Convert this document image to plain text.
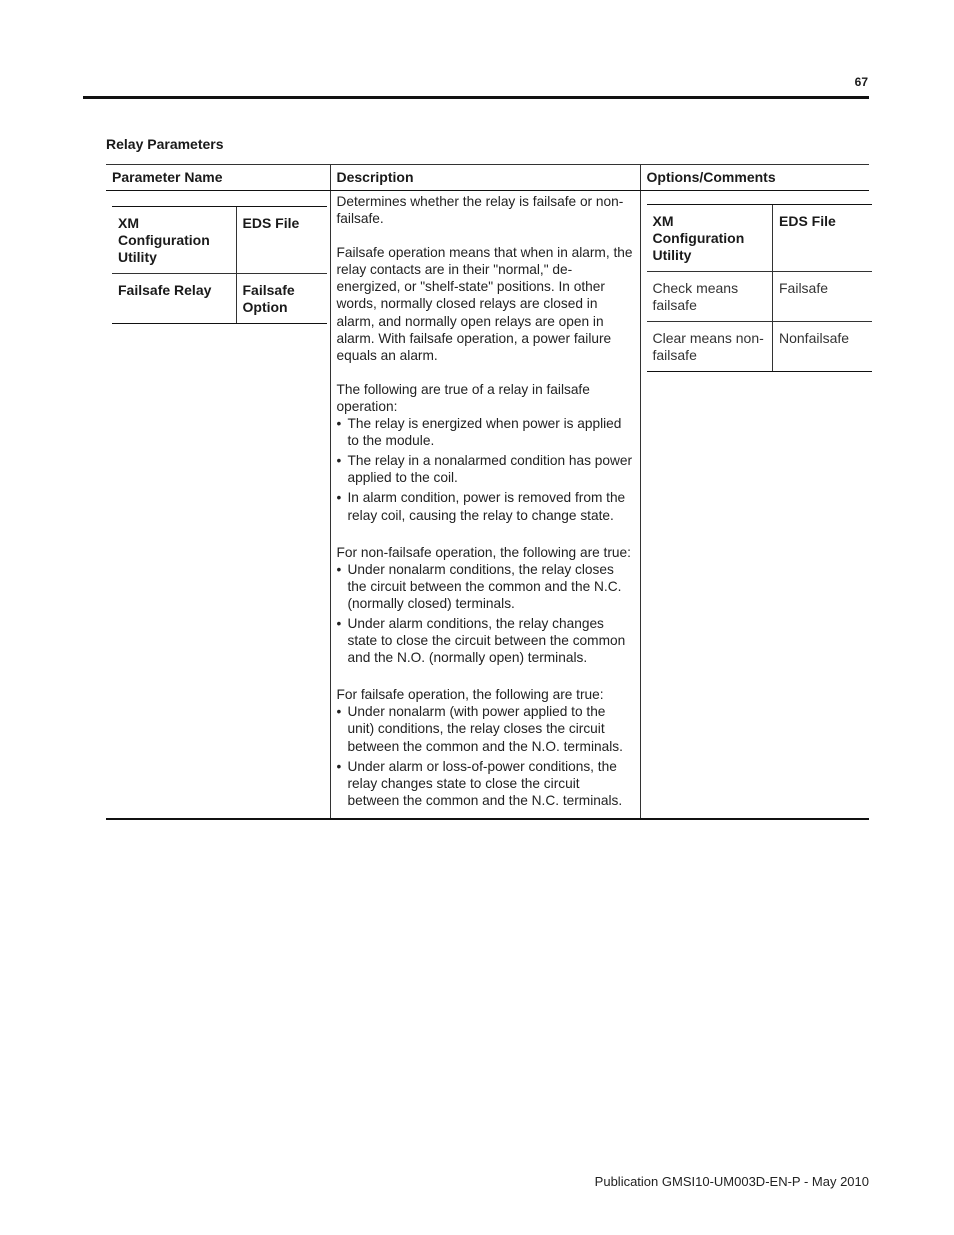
67
Relay Parameters
Parameter Name	Description	Options/Comments

XM Configuration Utility	EDS File
Failsafe Relay	Failsafe Option

Determines whether the relay is failsafe or non-failsafe.

Failsafe operation means that when in alarm, the relay contacts are in their "normal," de-energized, or "shelf-state" positions. In other words, normally closed relays are closed in alarm, and normally open relays are open in alarm. With failsafe operation, a power failure equals an alarm.

The following are true of a relay in failsafe operation:

• The relay is energized when power is applied to the module.
• The relay in a nonalarmed condition has power applied to the coil.
• In alarm condition, power is removed from the relay coil, causing the relay to change state.

For non-failsafe operation, the following are true:

• Under nonalarm conditions, the relay closes the circuit between the common and the N.C. (normally closed) terminals.
• Under alarm conditions, the relay changes state to close the circuit between the common and the N.O. (normally open) terminals.

For failsafe operation, the following are true:

• Under nonalarm (with power applied to the unit) conditions, the relay closes the circuit between the common and the N.O. terminals.
• Under alarm or loss-of-power conditions, the relay changes state to close the circuit between the common and the N.C. terminals.

XM Configuration Utility	EDS File
Check means failsafe	Failsafe
Clear means non-failsafe	Nonfailsafe
Publication GMSI10-UM003D-EN-P - May 2010
